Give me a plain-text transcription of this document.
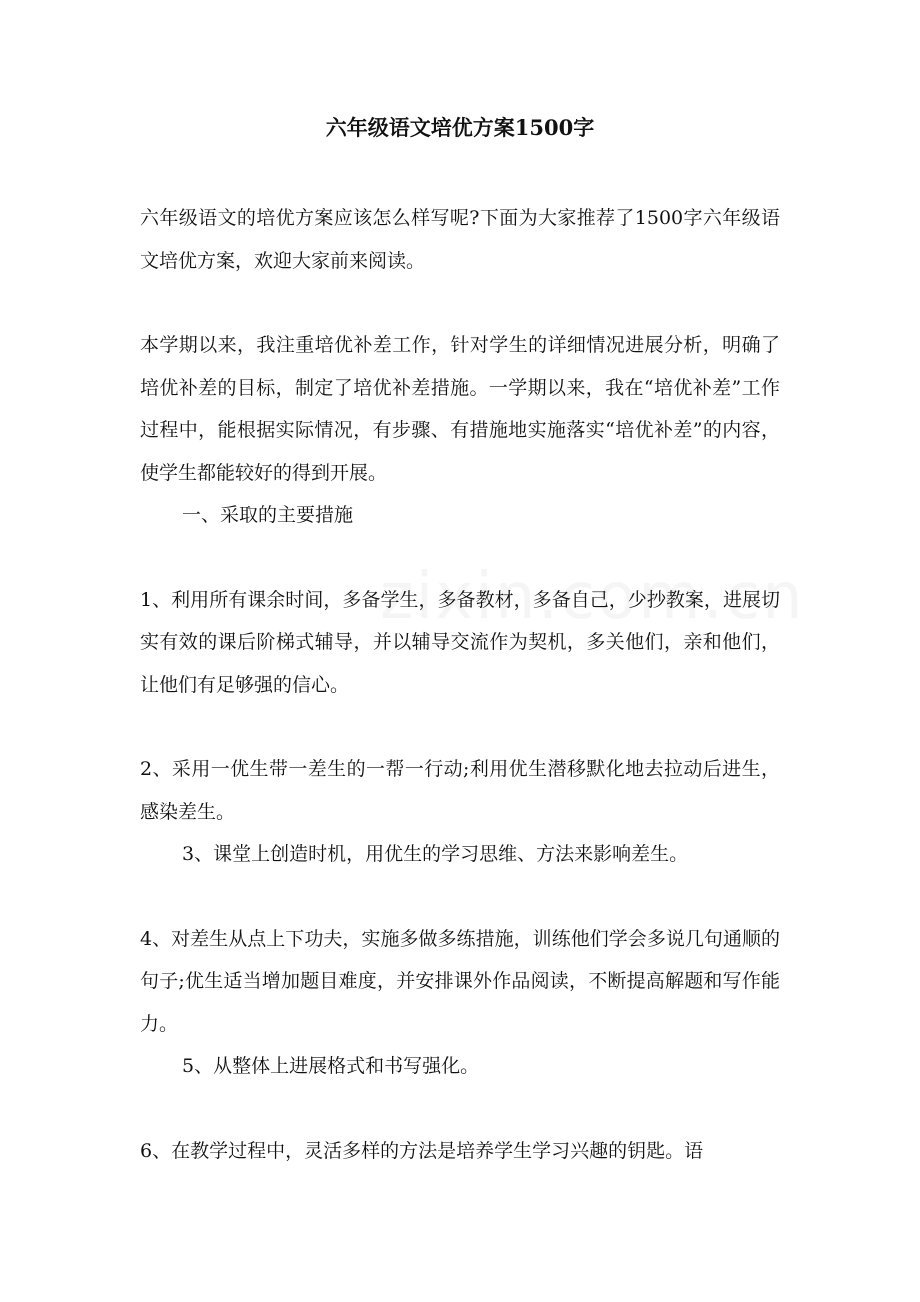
六年级语文培优方案1500字

六年级语文的培优方案应该怎么样写呢?下面为大家推荐了1500字六年级语文培优方案，欢迎大家前来阅读。

本学期以来，我注重培优补差工作，针对学生的详细情况进展分析，明确了培优补差的目标，制定了培优补差措施。一学期以来，我在“培优补差”工作过程中，能根据实际情况，有步骤、有措施地实施落实“培优补差”的内容，使学生都能较好的得到开展。

一、采取的主要措施

1、利用所有课余时间，多备学生，多备教材，多备自己，少抄教案，进展切实有效的课后阶梯式辅导，并以辅导交流作为契机，多关他们，亲和他们，让他们有足够强的信心。

2、采用一优生带一差生的一帮一行动;利用优生潜移默化地去拉动后进生，感染差生。

3、课堂上创造时机，用优生的学习思维、方法来影响差生。

4、对差生从点上下功夫，实施多做多练措施，训练他们学会多说几句通顺的句子;优生适当增加题目难度，并安排课外作品阅读，不断提高解题和写作能力。

5、从整体上进展格式和书写强化。

6、在教学过程中，灵活多样的方法是培养学生学习兴趣的钥匙。语
